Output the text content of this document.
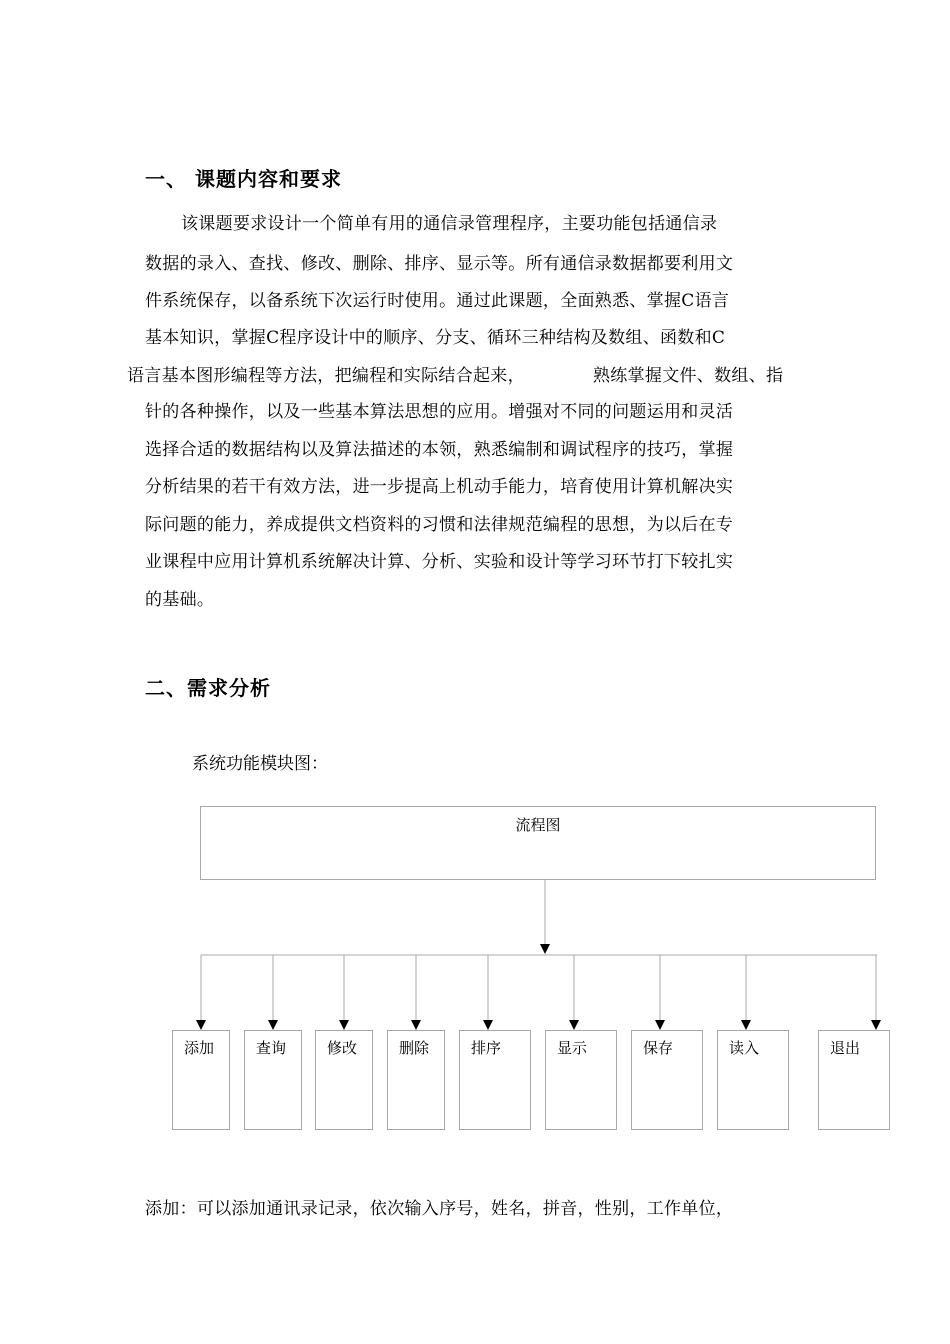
一、 课题内容和要求
该课题要求设计一个简单有用的通信录管理程序，主要功能包括通信录
数据的录入、查找、修改、删除、排序、显示等。所有通信录数据都要利用文
件系统保存，以备系统下次运行时使用。通过此课题，全面熟悉、掌握C语言
基本知识，掌握C程序设计中的顺序、分支、循环三种结构及数组、函数和C
语言基本图形编程等方法，把编程和实际结合起来，	熟练掌握文件、数组、指
针的各种操作，以及一些基本算法思想的应用。增强对不同的问题运用和灵活
选择合适的数据结构以及算法描述的本领，熟悉编制和调试程序的技巧，掌握
分析结果的若干有效方法，进一步提高上机动手能力，培育使用计算机解决实
际问题的能力，养成提供文档资料的习惯和法律规范编程的思想，为以后在专
业课程中应用计算机系统解决计算、分析、实验和设计等学习环节打下较扎实
的基础。
二、需求分析
系统功能模块图：
流程图
添加	查询	修改	删除	排序	显示	保存	读入	退出
添加：可以添加通讯录记录，依次输入序号，姓名，拼音，性别，工作单位，
